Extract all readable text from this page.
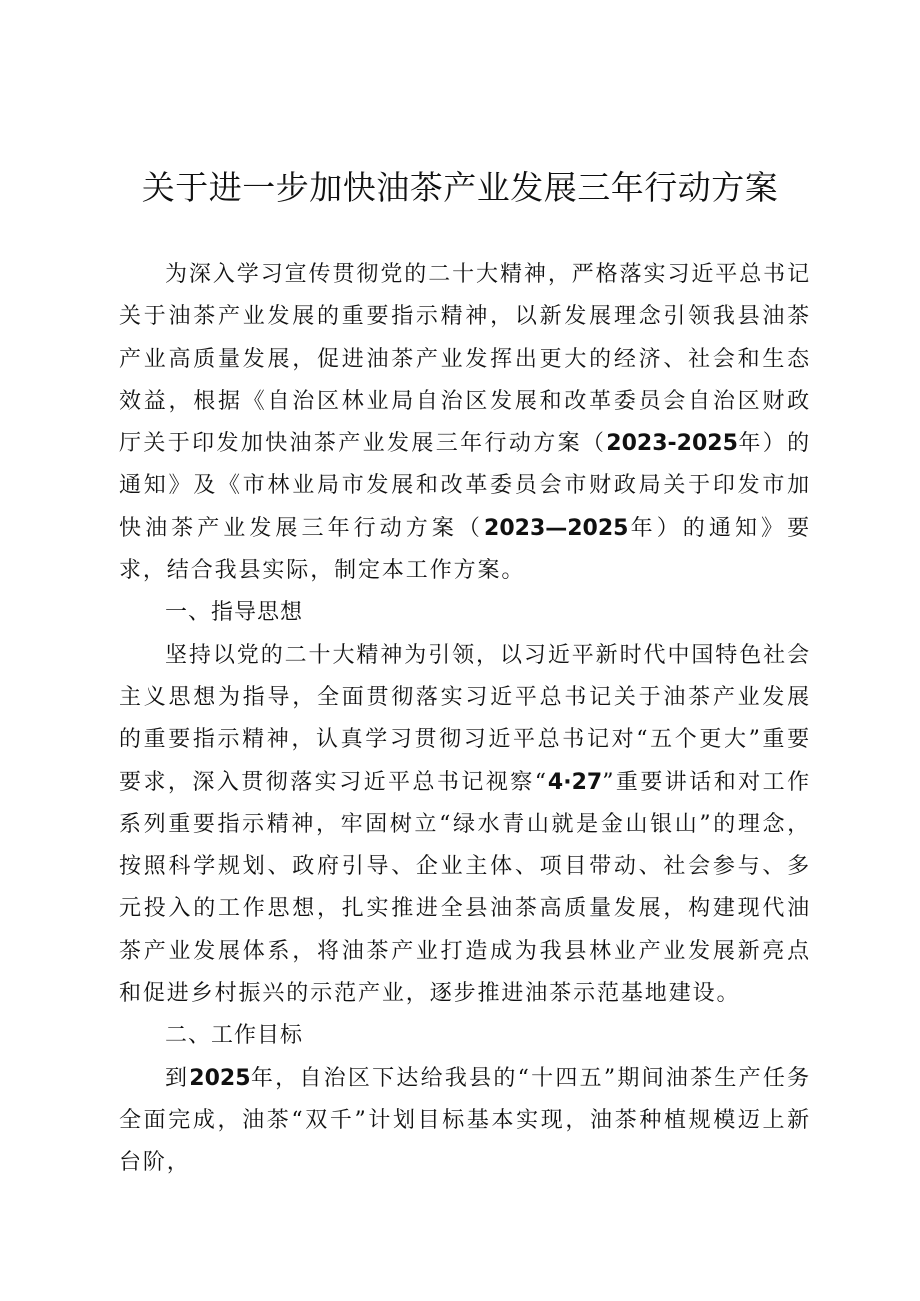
关于进一步加快油茶产业发展三年行动方案

为深入学习宣传贯彻党的二十大精神，严格落实习近平总书记关于油茶产业发展的重要指示精神，以新发展理念引领我县油茶产业高质量发展，促进油茶产业发挥出更大的经济、社会和生态效益，根据《自治区林业局自治区发展和改革委员会自治区财政厅关于印发加快油茶产业发展三年行动方案（2023-2025年）的通知》及《市林业局市发展和改革委员会市财政局关于印发市加快油茶产业发展三年行动方案（2023—2025年）的通知》要求，结合我县实际，制定本工作方案。

一、指导思想

坚持以党的二十大精神为引领，以习近平新时代中国特色社会主义思想为指导，全面贯彻落实习近平总书记关于油茶产业发展的重要指示精神，认真学习贯彻习近平总书记对“五个更大”重要要求，深入贯彻落实习近平总书记视察“4·27”重要讲话和对工作系列重要指示精神，牢固树立“绿水青山就是金山银山”的理念，按照科学规划、政府引导、企业主体、项目带动、社会参与、多元投入的工作思想，扎实推进全县油茶高质量发展，构建现代油茶产业发展体系，将油茶产业打造成为我县林业产业发展新亮点和促进乡村振兴的示范产业，逐步推进油茶示范基地建设。

二、工作目标

到2025年，自治区下达给我县的“十四五”期间油茶生产任务全面完成，油茶“双千”计划目标基本实现，油茶种植规模迈上新台阶，
